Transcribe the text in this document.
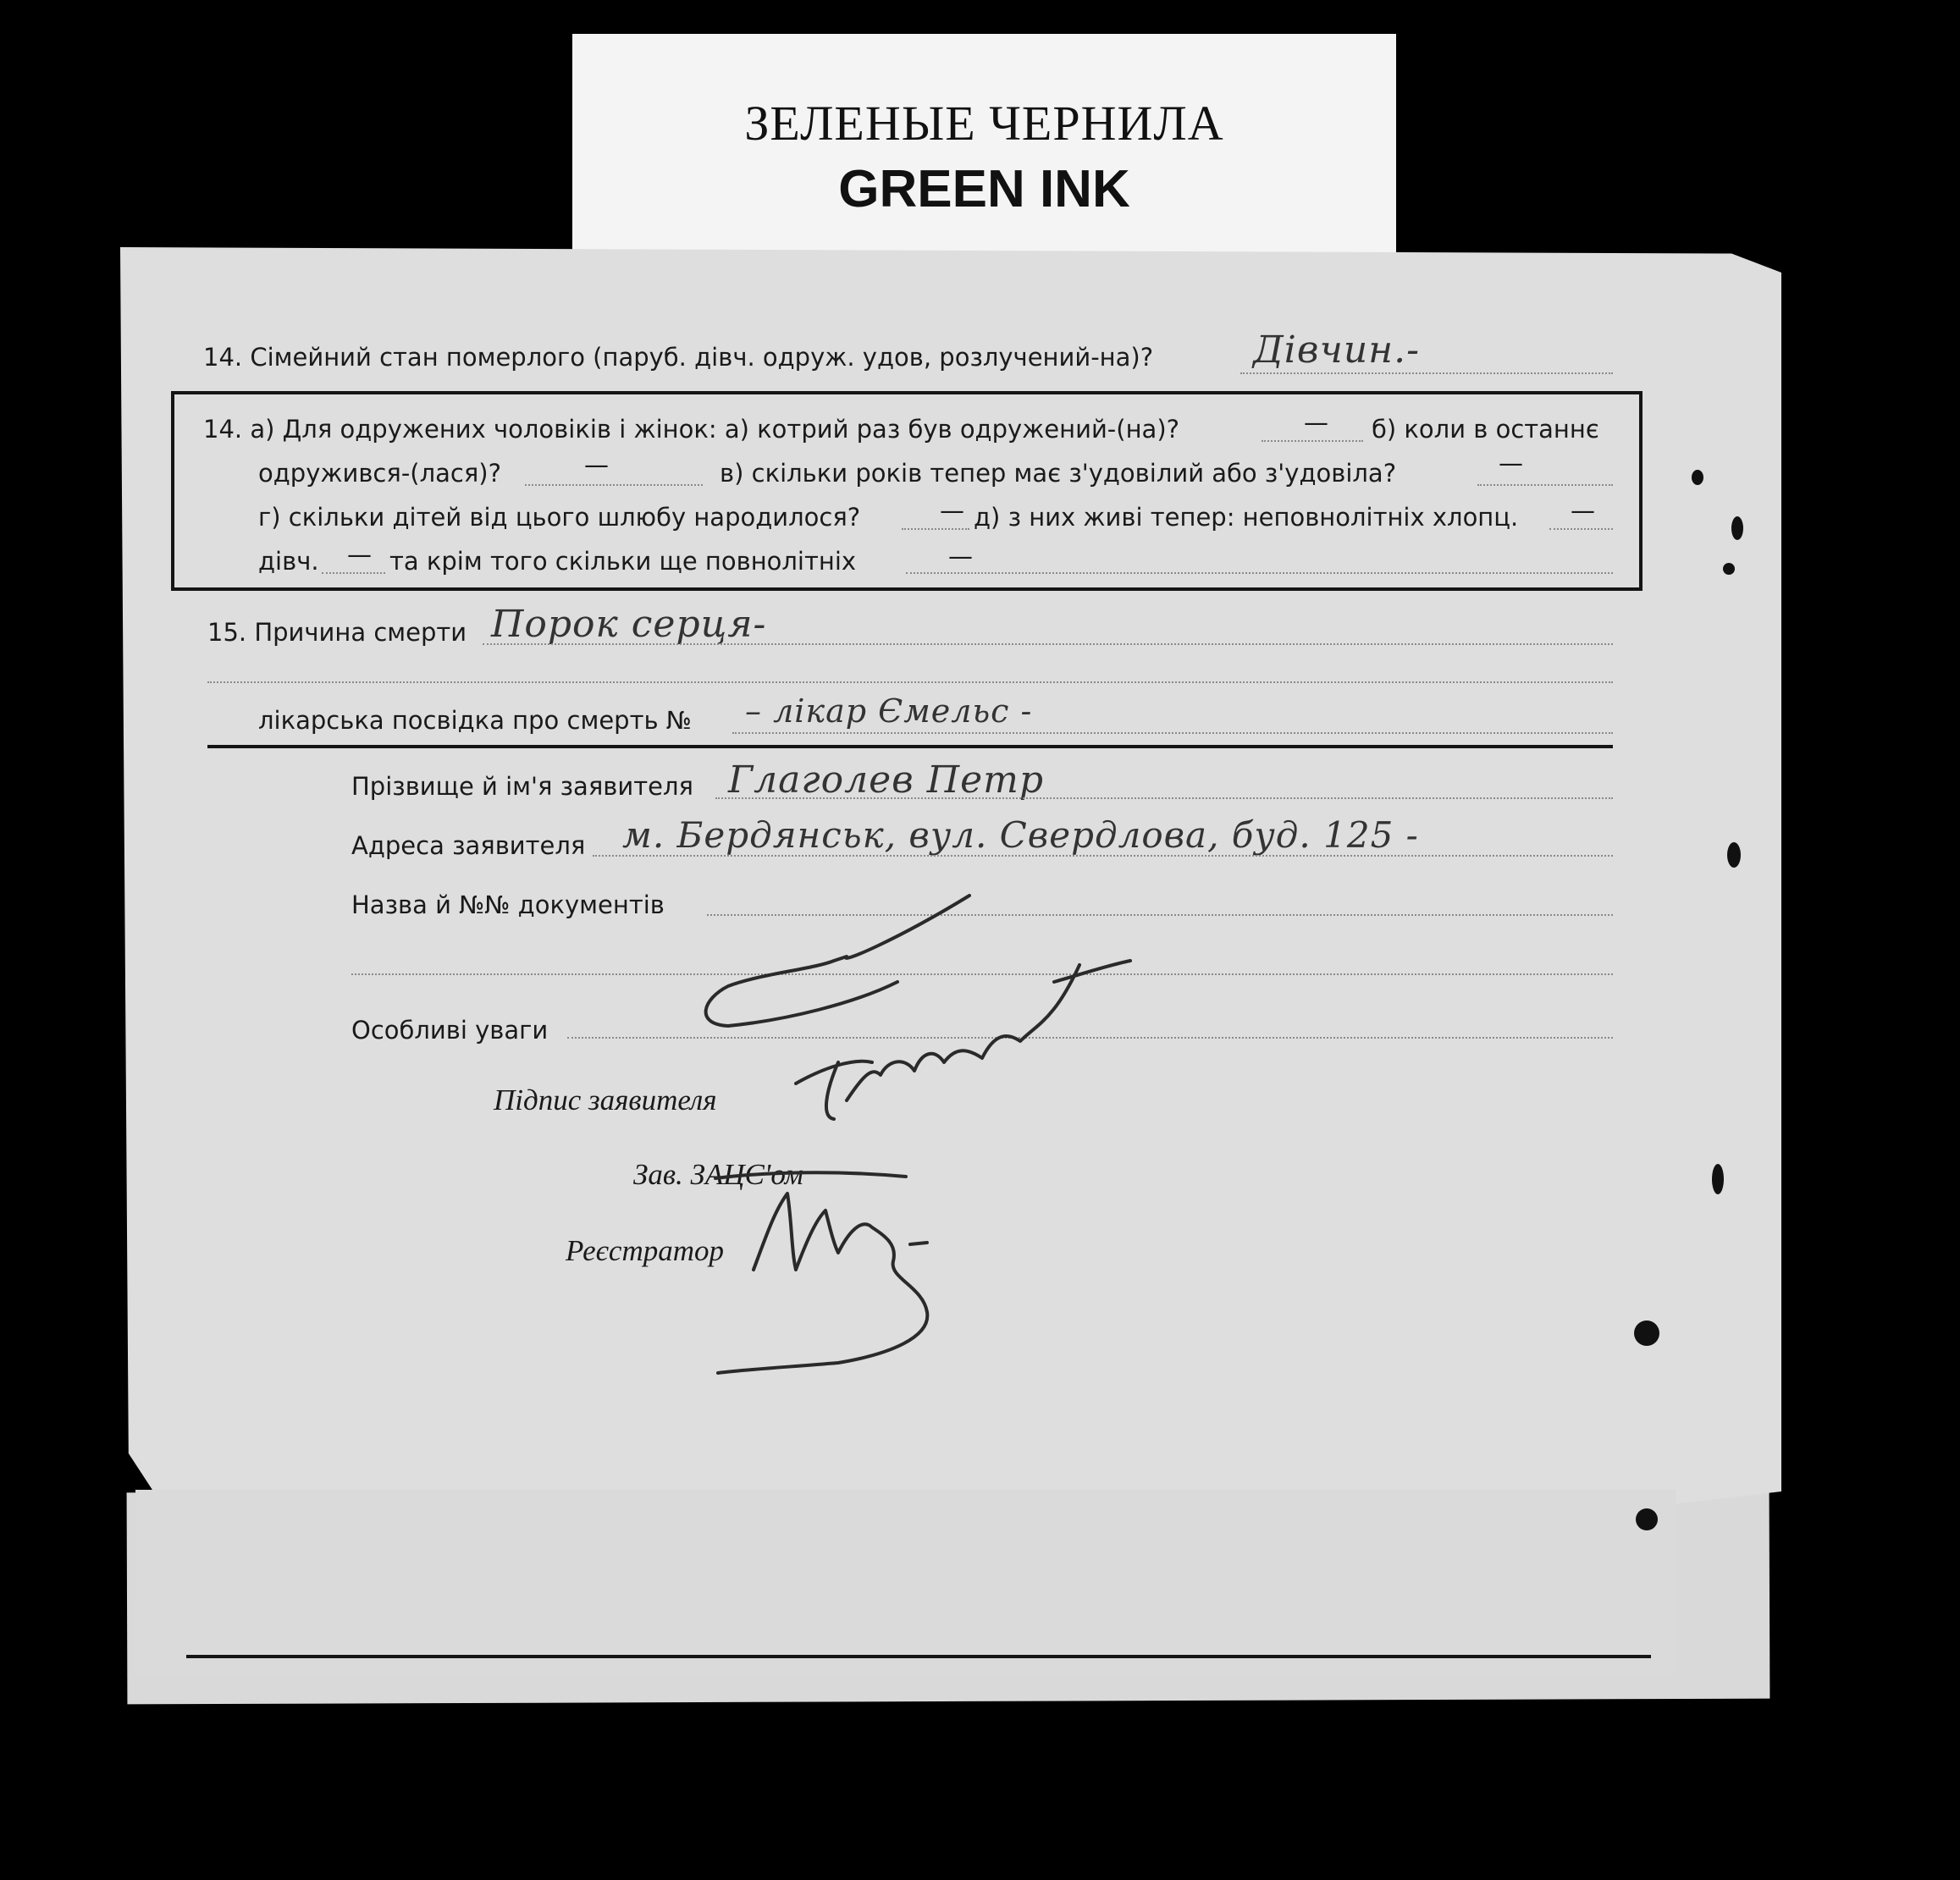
ЗЕЛЕНЫЕ ЧЕРНИЛА
GREEN INK
14. Сімейний стан померлого (паруб. дівч. одруж. удов, розлучений-на)?	Дівчин.-
14. а) Для одружених чоловіків і жінок: а) котрий раз був одружений-(на)?	— б) коли в останнє
одружився-(лася)?	—	в) скільки років тепер має з'удовілий або з'удовіла?	—
г) скільки дітей від цього шлюбу народилося?	— д) з них живі тепер: неповнолітніх хлопц. —
дівч. — та крім того скільки ще повнолітніх	—
15. Причина смерти Порок серця-
лікарська посвідка про смерть № – лікар Ємельс -
Прізвище й ім'я заявителя Глаголев Петр
Адреса заявителя м. Бердянськ, вул. Свердлова, буд. 125 -
Назва й №№ документів
Особливі уваги
Підпис заявителя
Зав. ЗАЦС'ом
Реєстратор
